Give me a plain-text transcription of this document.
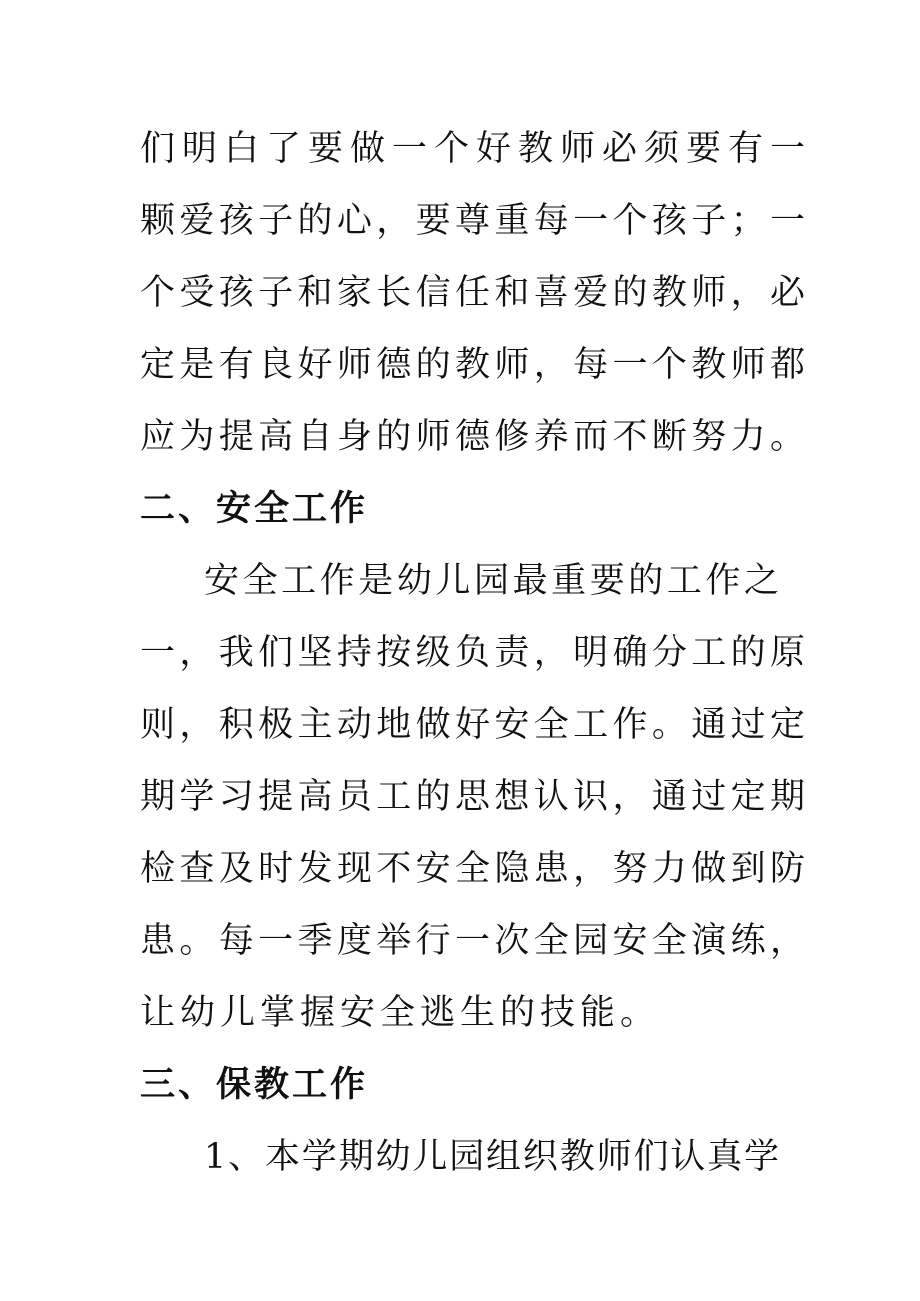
们明白了要做一个好教师必须要有一
颗爱孩子的心，要尊重每一个孩子；一
个受孩子和家长信任和喜爱的教师，必
定是有良好师德的教师，每一个教师都
应为提高自身的师德修养而不断努力。
二、安全工作
安全工作是幼儿园最重要的工作之
一，我们坚持按级负责，明确分工的原
则，积极主动地做好安全工作。通过定
期学习提高员工的思想认识，通过定期
检查及时发现不安全隐患，努力做到防
患。每一季度举行一次全园安全演练，
让幼儿掌握安全逃生的技能。
三、保教工作
1、本学期幼儿园组织教师们认真学
